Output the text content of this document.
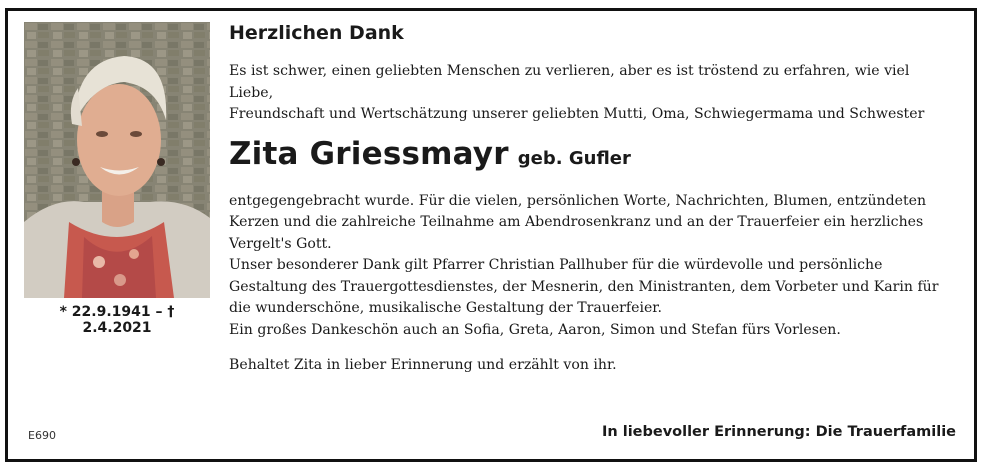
* 22.9.1941 – † 2.4.2021
Herzlichen Dank
Es ist schwer, einen geliebten Menschen zu verlieren, aber es ist tröstend zu erfahren, wie viel Liebe,
Freundschaft und Wertschätzung unserer geliebten Mutti, Oma, Schwiegermama und Schwester
Zita Griessmayr geb. Gufler
entgegengebracht wurde. Für die vielen, persönlichen Worte, Nachrichten, Blumen, entzündeten
Kerzen und die zahlreiche Teilnahme am Abendrosenkranz und an der Trauerfeier ein herzliches
Vergelt's Gott.
Unser besonderer Dank gilt Pfarrer Christian Pallhuber für die würdevolle und persönliche
Gestaltung des Trauergottesdienstes, der Mesnerin, den Ministranten, dem Vorbeter und Karin für
die wunderschöne, musikalische Gestaltung der Trauerfeier.
Ein großes Dankeschön auch an Sofia, Greta, Aaron, Simon und Stefan fürs Vorlesen.
Behaltet Zita in lieber Erinnerung und erzählt von ihr.
E690	In liebevoller Erinnerung: Die Trauerfamilie
